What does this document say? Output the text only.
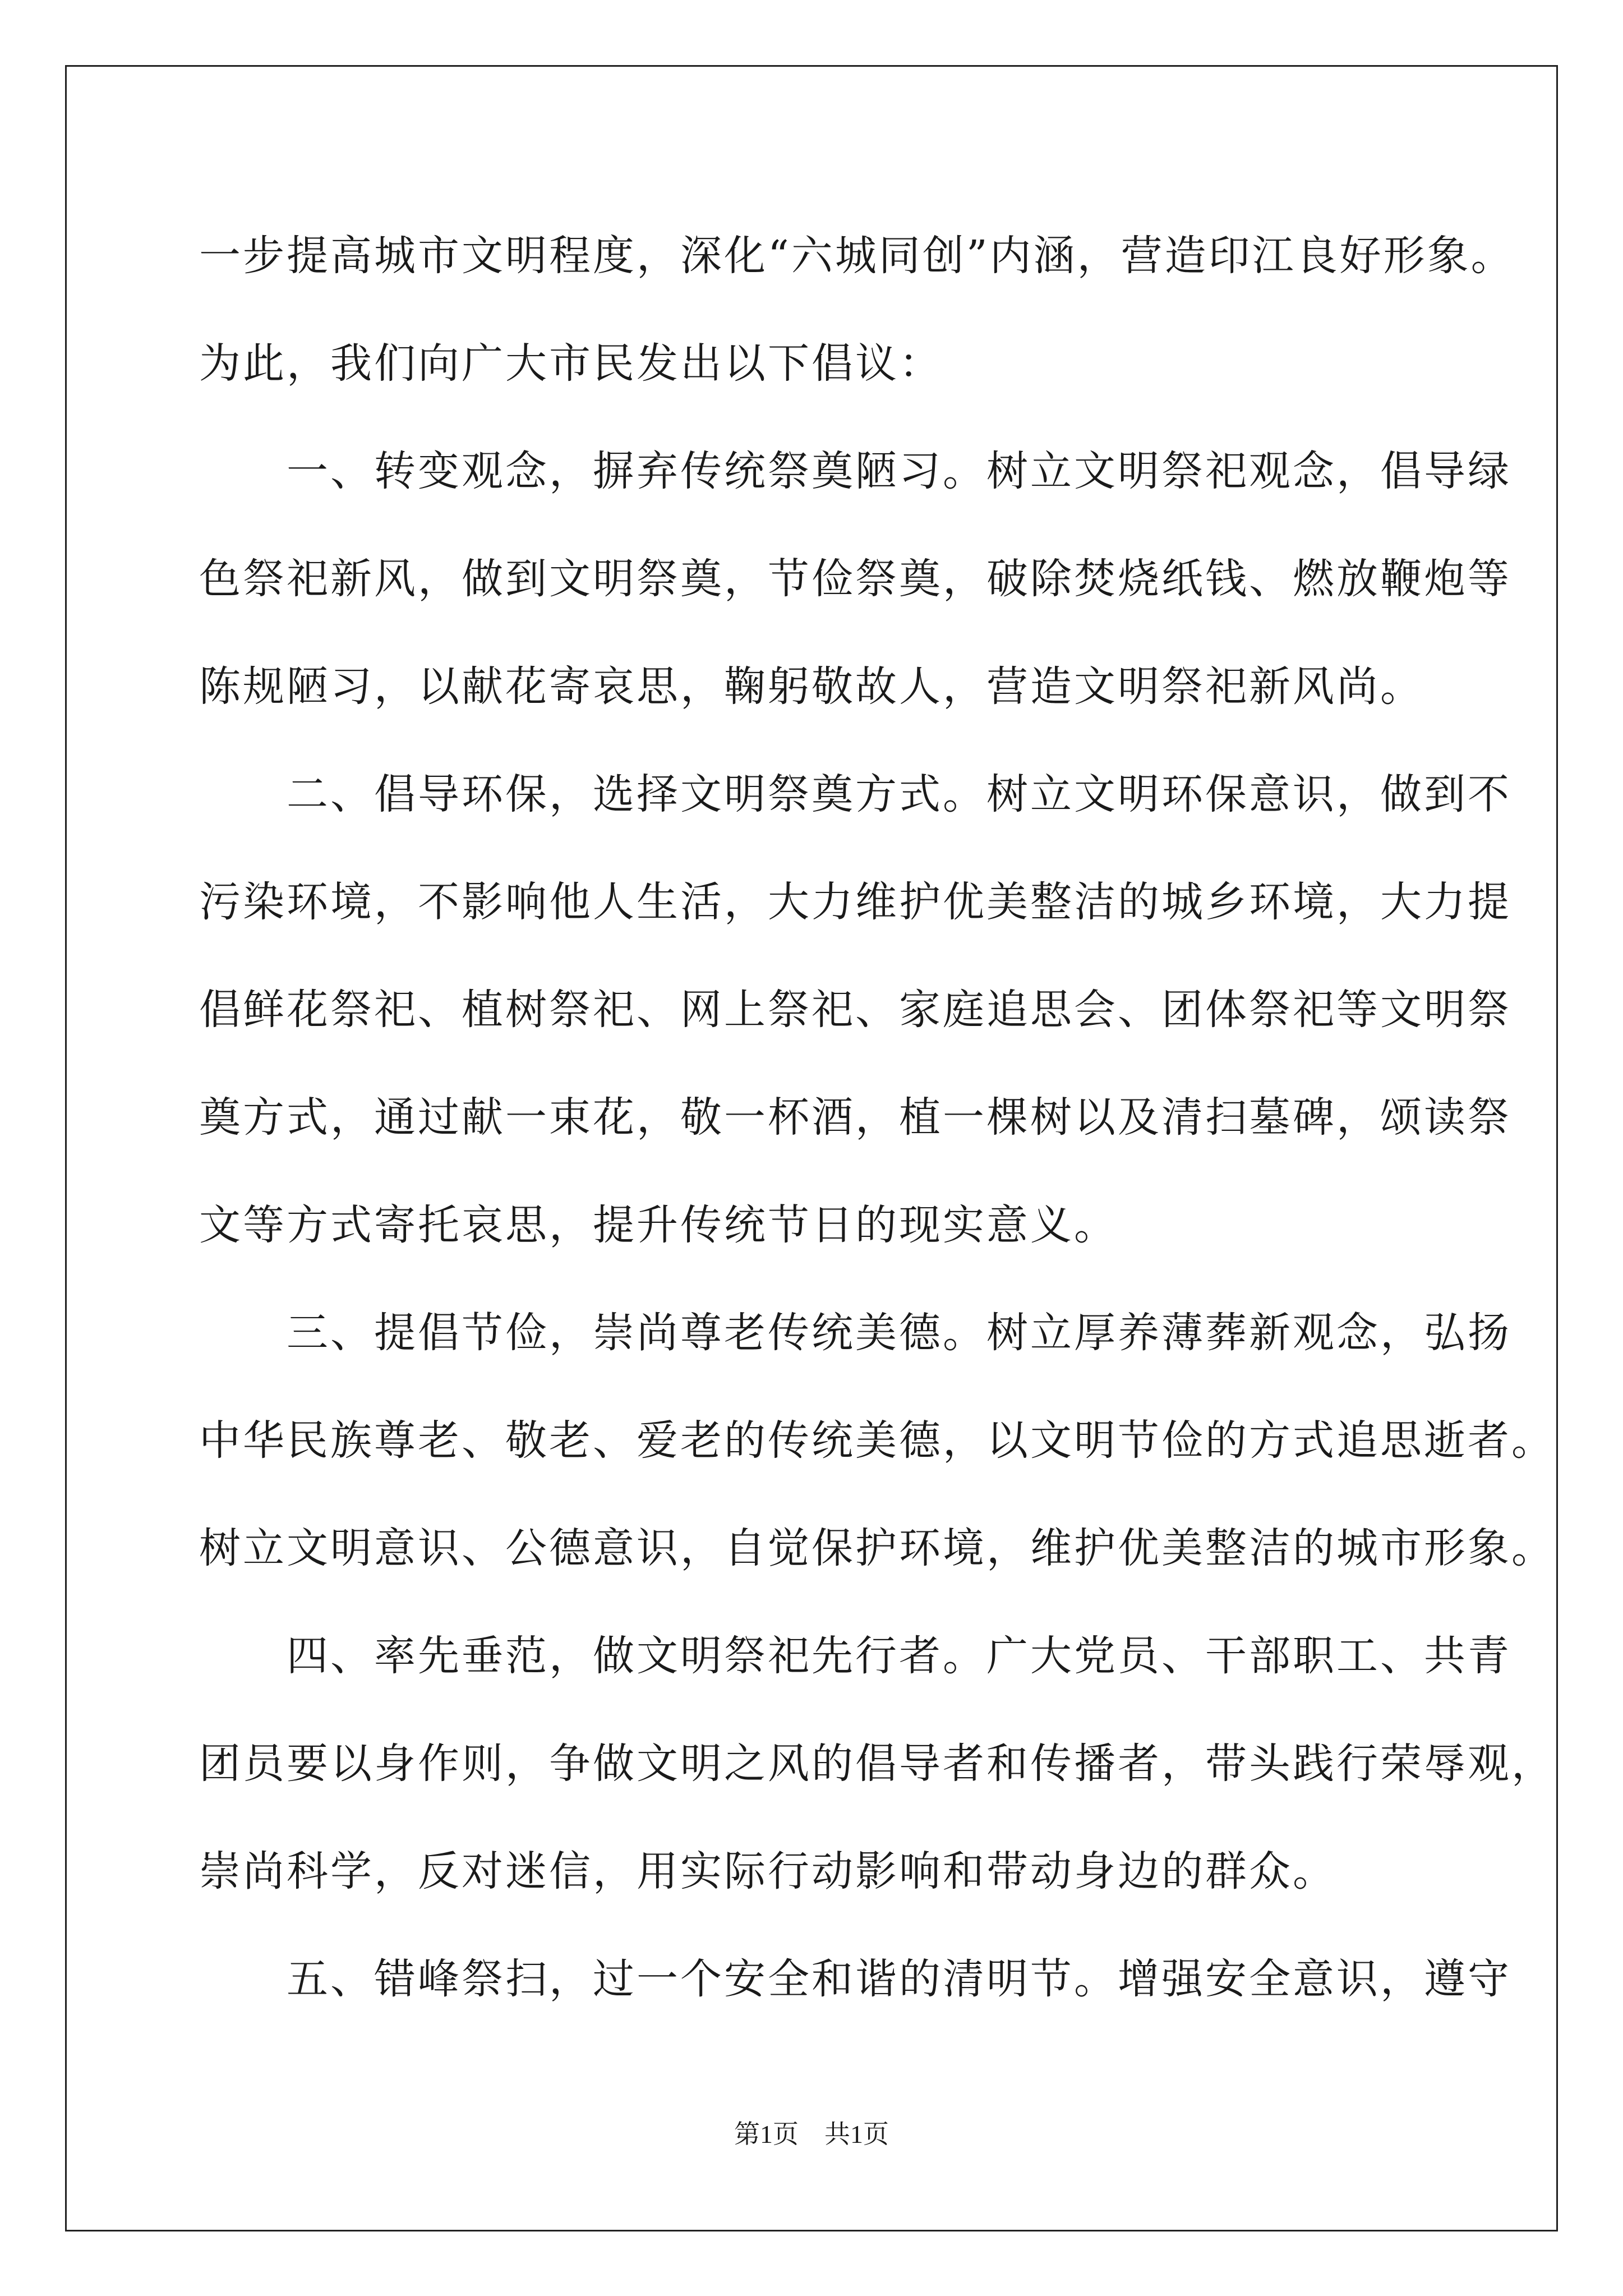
一步提高城市文明程度，深化“六城同创”内涵，营造印江良好形象。
为此，我们向广大市民发出以下倡议：
　　一、转变观念，摒弃传统祭奠陋习。树立文明祭祀观念，倡导绿
色祭祀新风，做到文明祭奠，节俭祭奠，破除焚烧纸钱、燃放鞭炮等
陈规陋习，以献花寄哀思，鞠躬敬故人，营造文明祭祀新风尚。
　　二、倡导环保，选择文明祭奠方式。树立文明环保意识，做到不
污染环境，不影响他人生活，大力维护优美整洁的城乡环境，大力提
倡鲜花祭祀、植树祭祀、网上祭祀、家庭追思会、团体祭祀等文明祭
奠方式，通过献一束花，敬一杯酒，植一棵树以及清扫墓碑，颂读祭
文等方式寄托哀思，提升传统节日的现实意义。
　　三、提倡节俭，崇尚尊老传统美德。树立厚养薄葬新观念，弘扬
中华民族尊老、敬老、爱老的传统美德，以文明节俭的方式追思逝者。
树立文明意识、公德意识，自觉保护环境，维护优美整洁的城市形象。
　　四、率先垂范，做文明祭祀先行者。广大党员、干部职工、共青
团员要以身作则，争做文明之风的倡导者和传播者，带头践行荣辱观，
崇尚科学，反对迷信，用实际行动影响和带动身边的群众。
　　五、错峰祭扫，过一个安全和谐的清明节。增强安全意识，遵守
第1页　共1页
